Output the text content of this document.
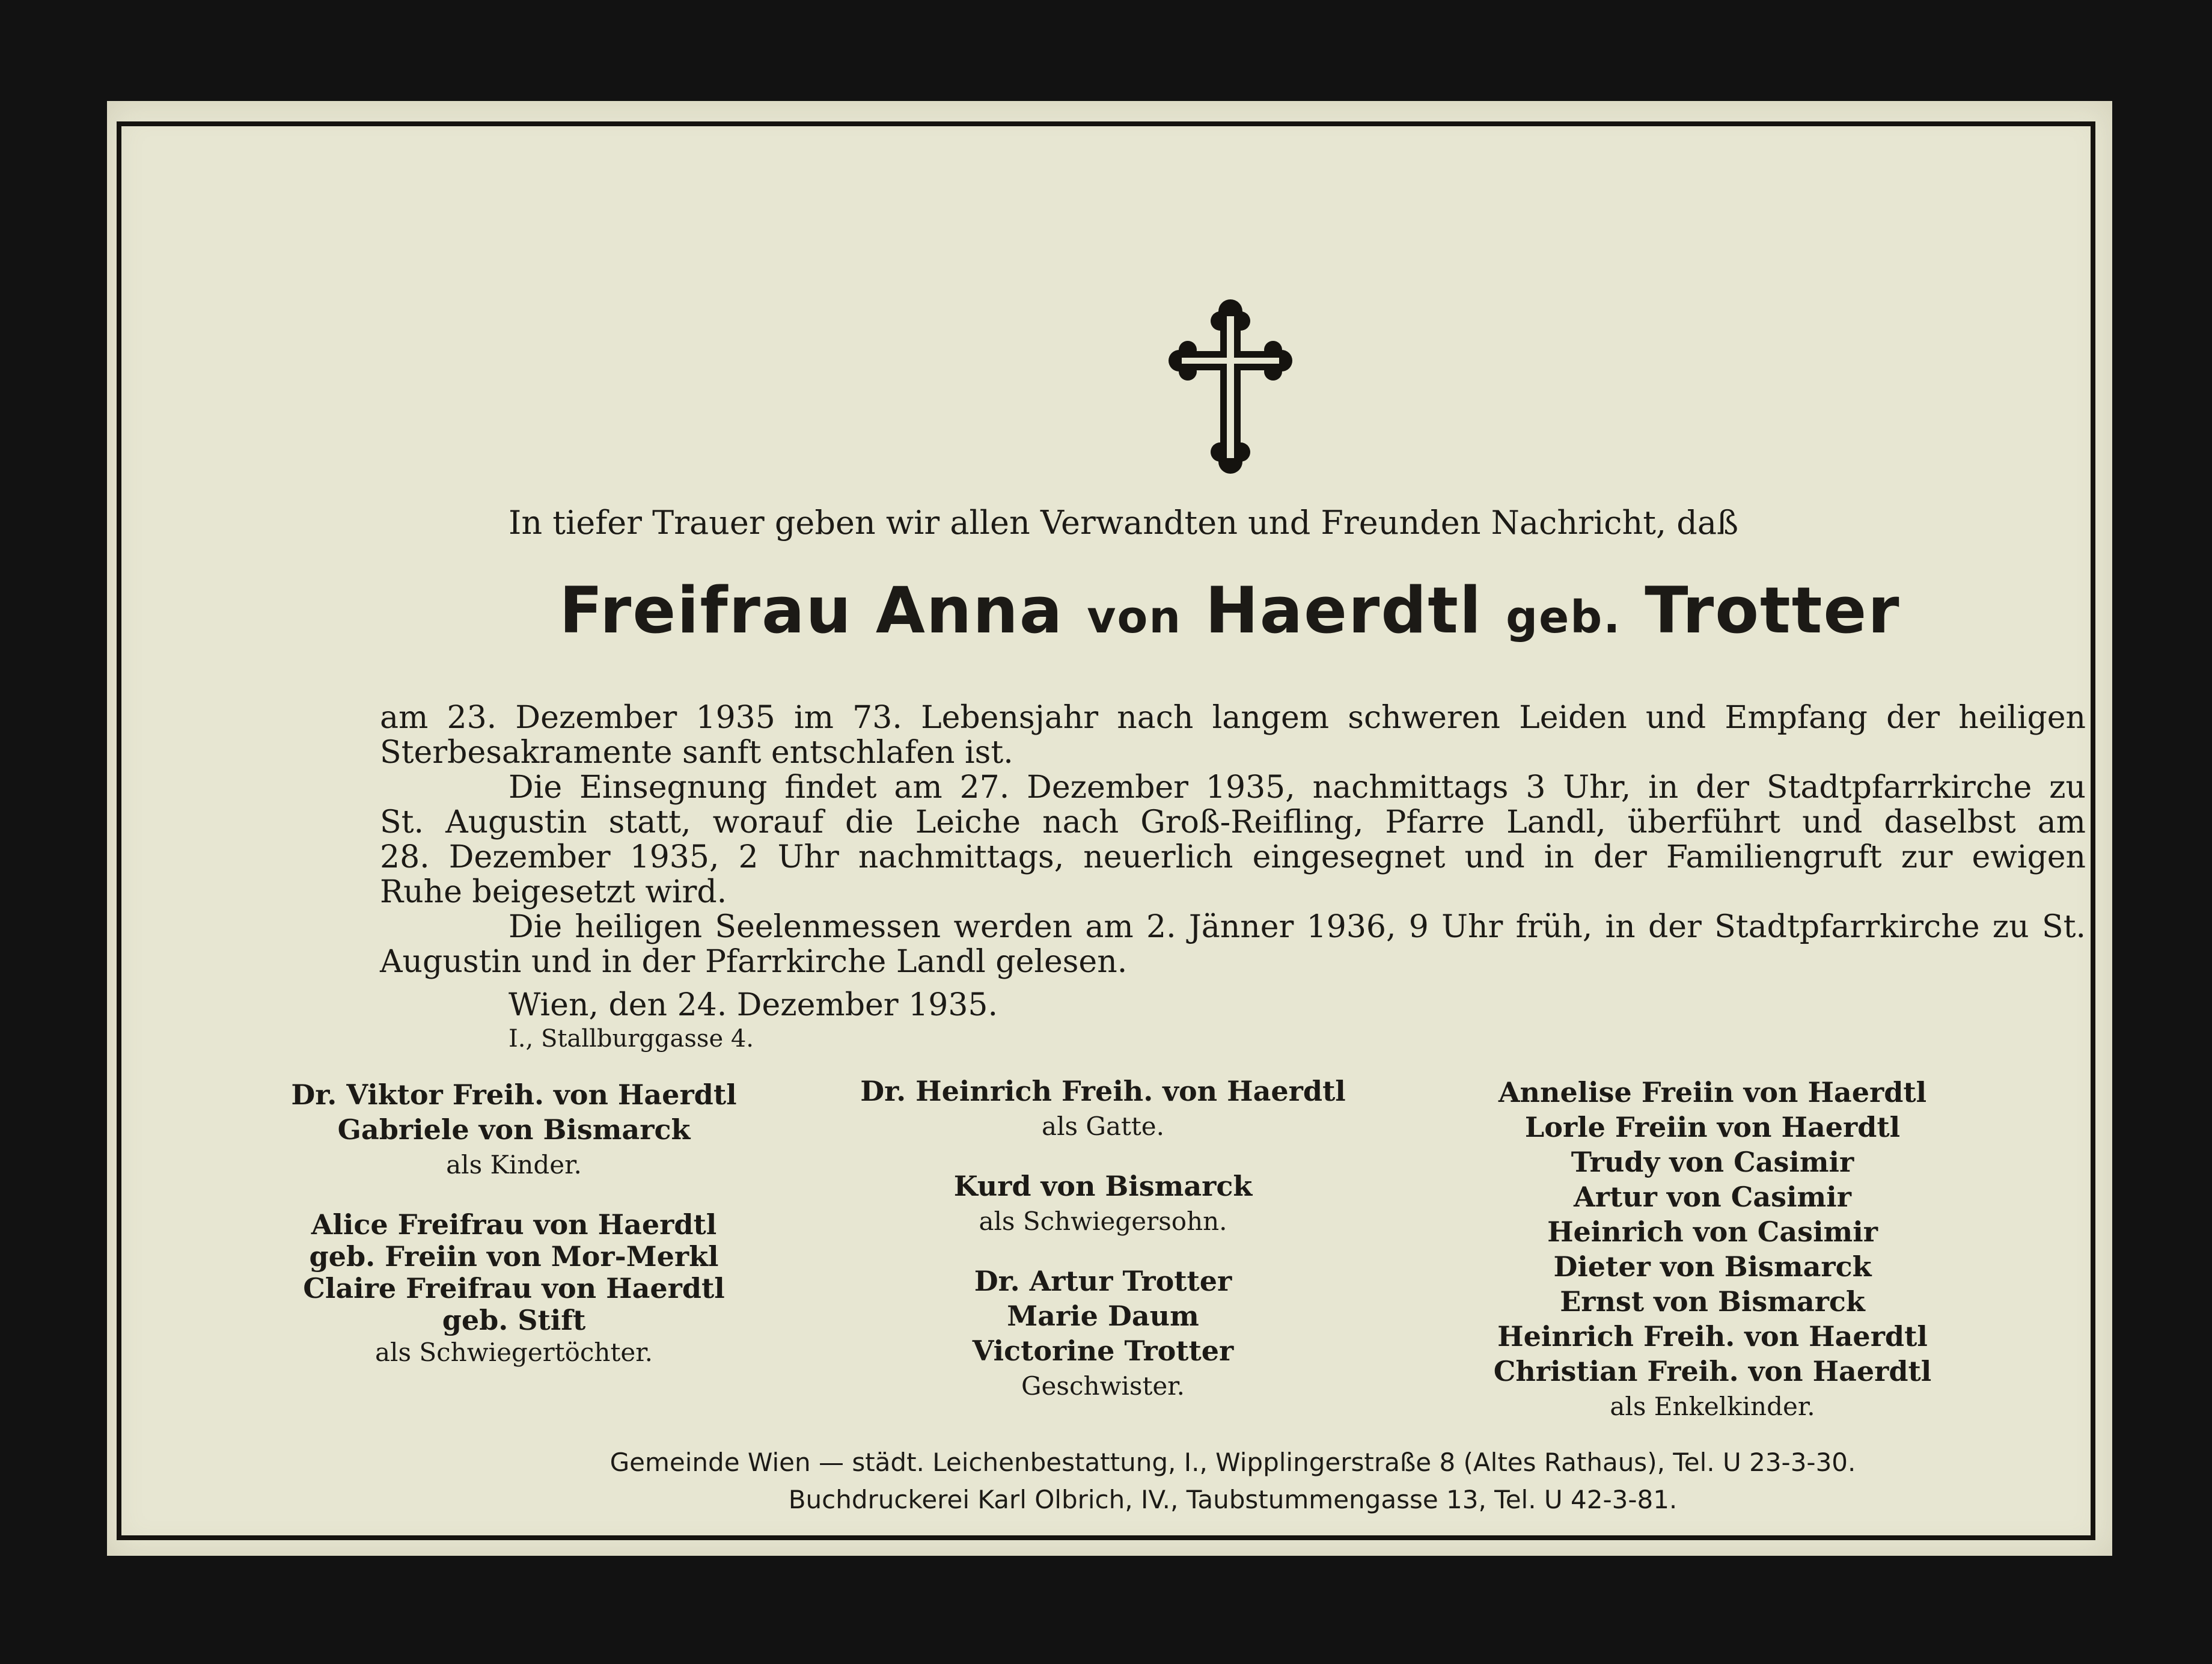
In tiefer Trauer geben wir allen Verwandten und Freunden Nachricht, daß
Freifrau Anna von Haerdtl geb. Trotter
am 23. Dezember 1935 im 73. Lebensjahr nach langem schweren Leiden und Empfang der heiligen
Sterbesakramente sanft entschlafen ist.
Die Einsegnung findet am 27. Dezember 1935, nachmittags 3 Uhr, in der Stadtpfarrkirche zu
St. Augustin statt, worauf die Leiche nach Groß-Reifling, Pfarre Landl, überführt und daselbst am
28. Dezember 1935, 2 Uhr nachmittags, neuerlich eingesegnet und in der Familiengruft zur ewigen
Ruhe beigesetzt wird.
Die heiligen Seelenmessen werden am 2. Jänner 1936, 9 Uhr früh, in der Stadtpfarrkirche zu St.
Augustin und in der Pfarrkirche Landl gelesen.
Wien, den 24. Dezember 1935.
I., Stallburggasse 4.
Dr. Viktor Freih. von Haerdtl
Gabriele von Bismarck
als Kinder.
Alice Freifrau von Haerdtl
geb. Freiin von Mor-Merkl
Claire Freifrau von Haerdtl
geb. Stift
als Schwiegertöchter.
Dr. Heinrich Freih. von Haerdtl
als Gatte.
Kurd von Bismarck
als Schwiegersohn.
Dr. Artur Trotter
Marie Daum
Victorine Trotter
Geschwister.
Annelise Freiin von Haerdtl
Lorle Freiin von Haerdtl
Trudy von Casimir
Artur von Casimir
Heinrich von Casimir
Dieter von Bismarck
Ernst von Bismarck
Heinrich Freih. von Haerdtl
Christian Freih. von Haerdtl
als Enkelkinder.
Gemeinde Wien — städt. Leichenbestattung, I., Wipplingerstraße 8 (Altes Rathaus), Tel. U 23-3-30.
Buchdruckerei Karl Olbrich, IV., Taubstummengasse 13, Tel. U 42-3-81.
